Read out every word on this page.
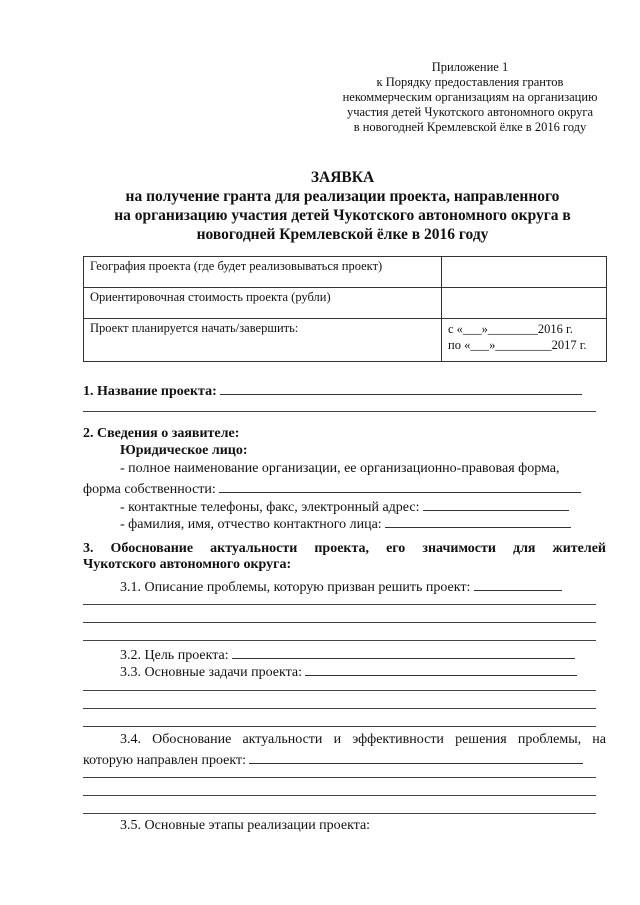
Приложение 1
к Порядку предоставления грантов
некоммерческим организациям на организацию
участия детей Чукотского автономного округа
в новогодней Кремлевской ёлке в 2016 году
ЗАЯВКА
на получение гранта для реализации проекта, направленного
на организацию участия детей Чукотского автономного округа в
новогодней Кремлевской ёлке в 2016 году
География проекта (где будет реализовываться проект)	
Ориентировочная стоимость проекта (рубли)	
Проект планируется начать/завершить:	с «___»________2016 г.
по «___»_________2017 г.
1. Название проекта:
2. Сведения о заявителе:
Юридическое лицо:
- полное наименование организации, ее организационно-правовая форма,
форма собственности:
- контактные телефоны, факс, электронный адрес:
- фамилия, имя, отчество контактного лица:
3. Обоснование актуальности проекта, его значимости для жителей
Чукотского автономного округа:
3.1. Описание проблемы, которую призван решить проект:
3.2. Цель проекта:
3.3. Основные задачи проекта:
3.4. Обоснование актуальности и эффективности решения проблемы, на
которую направлен проект:
3.5. Основные этапы реализации проекта:
